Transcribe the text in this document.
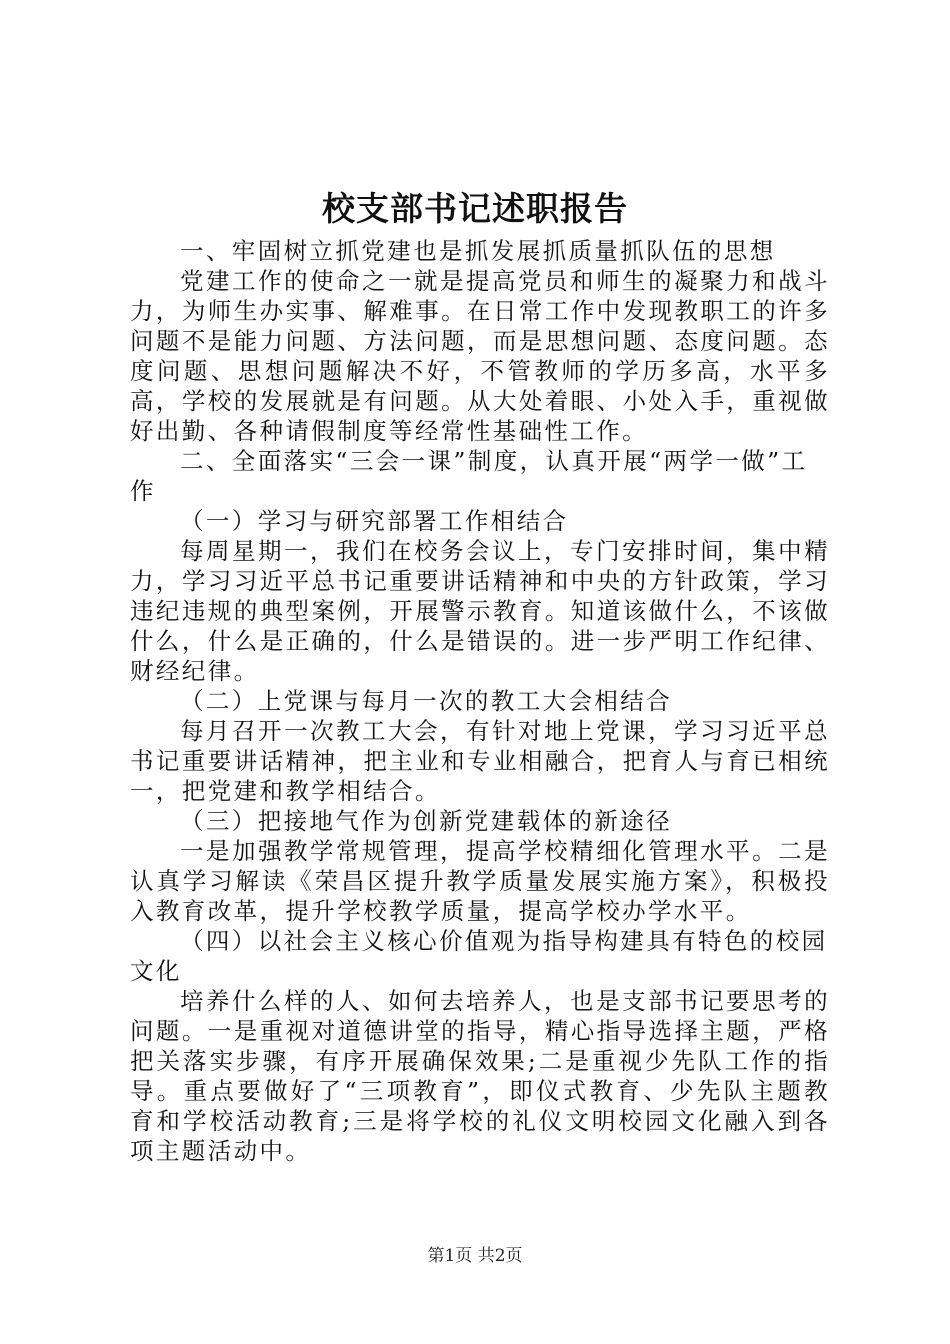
校支部书记述职报告

一、牢固树立抓党建也是抓发展抓质量抓队伍的思想

党建工作的使命之一就是提高党员和师生的凝聚力和战斗力，为师生办实事、解难事。在日常工作中发现教职工的许多问题不是能力问题、方法问题，而是思想问题、态度问题。态度问题、思想问题解决不好，不管教师的学历多高，水平多高，学校的发展就是有问题。从大处着眼、小处入手，重视做好出勤、各种请假制度等经常性基础性工作。

二、全面落实“三会一课”制度，认真开展“两学一做”工作

（一）学习与研究部署工作相结合

每周星期一，我们在校务会议上，专门安排时间，集中精力，学习习近平总书记重要讲话精神和中央的方针政策，学习违纪违规的典型案例，开展警示教育。知道该做什么，不该做什么，什么是正确的，什么是错误的。进一步严明工作纪律、财经纪律。

（二）上党课与每月一次的教工大会相结合

每月召开一次教工大会，有针对地上党课，学习习近平总书记重要讲话精神，把主业和专业相融合，把育人与育已相统一，把党建和教学相结合。

（三）把接地气作为创新党建载体的新途径

一是加强教学常规管理，提高学校精细化管理水平。二是认真学习解读《荣昌区提升教学质量发展实施方案》，积极投入教育改革，提升学校教学质量，提高学校办学水平。

（四）以社会主义核心价值观为指导构建具有特色的校园文化

培养什么样的人、如何去培养人，也是支部书记要思考的问题。一是重视对道德讲堂的指导，精心指导选择主题，严格把关落实步骤，有序开展确保效果;二是重视少先队工作的指导。重点要做好了“三项教育”，即仪式教育、少先队主题教育和学校活动教育;三是将学校的礼仪文明校园文化融入到各项主题活动中。

第1页 共2页
